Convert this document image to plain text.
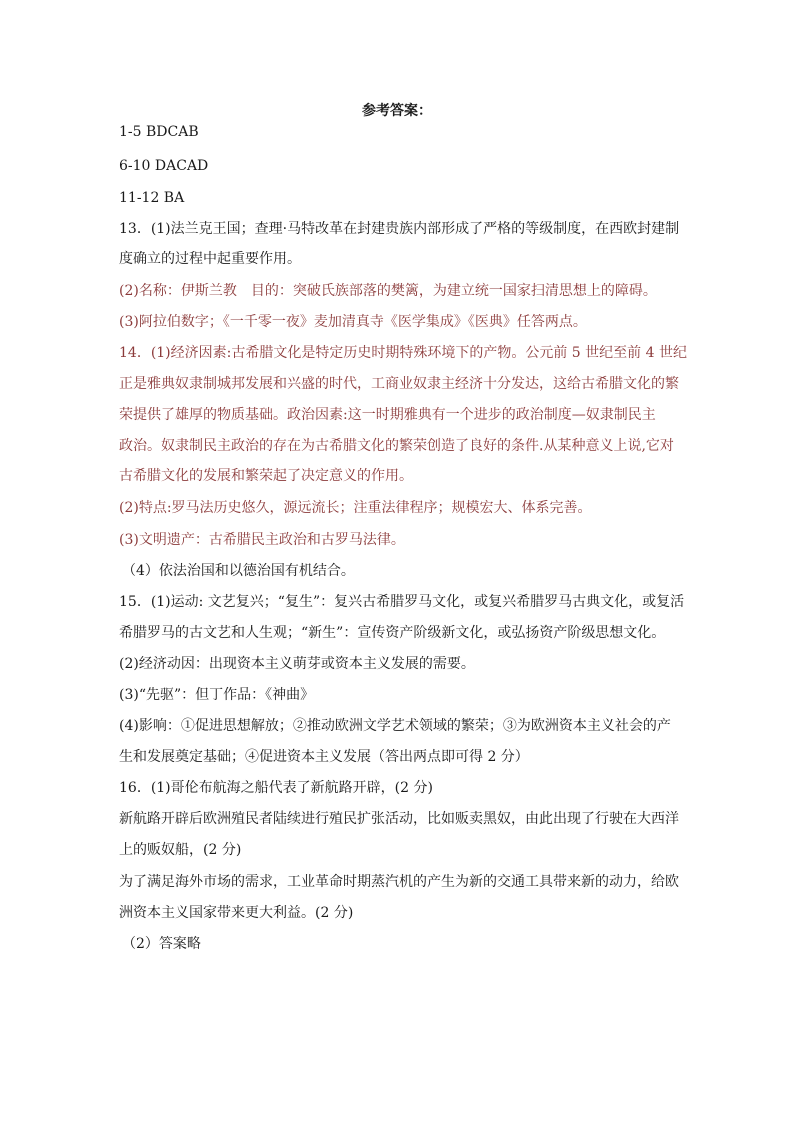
参考答案：
1-5 BDCAB
6-10 DACAD
11-12 BA
13．(1)法兰克王国；查理·马特改革在封建贵族内部形成了严格的等级制度，在西欧封建制
度确立的过程中起重要作用。
(2)名称：伊斯兰教　目的：突破氏族部落的樊篱，为建立统一国家扫清思想上的障碍。
(3)阿拉伯数字；《一千零一夜》麦加清真寺《医学集成》《医典》任答两点。
14．(1)经济因素:古希腊文化是特定历史时期特殊环境下的产物。公元前 5 世纪至前 4 世纪
正是雅典奴隶制城邦发展和兴盛的时代，工商业奴隶主经济十分发达，这给古希腊文化的繁
荣提供了雄厚的物质基础。政治因素:这一时期雅典有一个进步的政治制度—奴隶制民主
政治。奴隶制民主政治的存在为古希腊文化的繁荣创造了良好的条件.从某种意义上说,它对
古希腊文化的发展和繁荣起了决定意义的作用。
(2)特点:罗马法历史悠久，源远流长；注重法律程序；规模宏大、体系完善。
(3)文明遗产：古希腊民主政治和古罗马法律。
（4）依法治国和以德治国有机结合。
15．(1)运动: 文艺复兴；“复生”：复兴古希腊罗马文化，或复兴希腊罗马古典文化，或复活
希腊罗马的古文艺和人生观；“新生”：宣传资产阶级新文化，或弘扬资产阶级思想文化。
(2)经济动因：出现资本主义萌芽或资本主义发展的需要。
(3)“先驱”：但丁作品：《神曲》
(4)影响：①促进思想解放；②推动欧洲文学艺术领域的繁荣；③为欧洲资本主义社会的产
生和发展奠定基础；④促进资本主义发展（答出两点即可得 2 分）
16．(1)哥伦布航海之船代表了新航路开辟，(2 分)
新航路开辟后欧洲殖民者陆续进行殖民扩张活动，比如贩卖黑奴，由此出现了行驶在大西洋
上的贩奴船，(2 分)
为了满足海外市场的需求，工业革命时期蒸汽机的产生为新的交通工具带来新的动力，给欧
洲资本主义国家带来更大利益。(2 分)
（2）答案略
